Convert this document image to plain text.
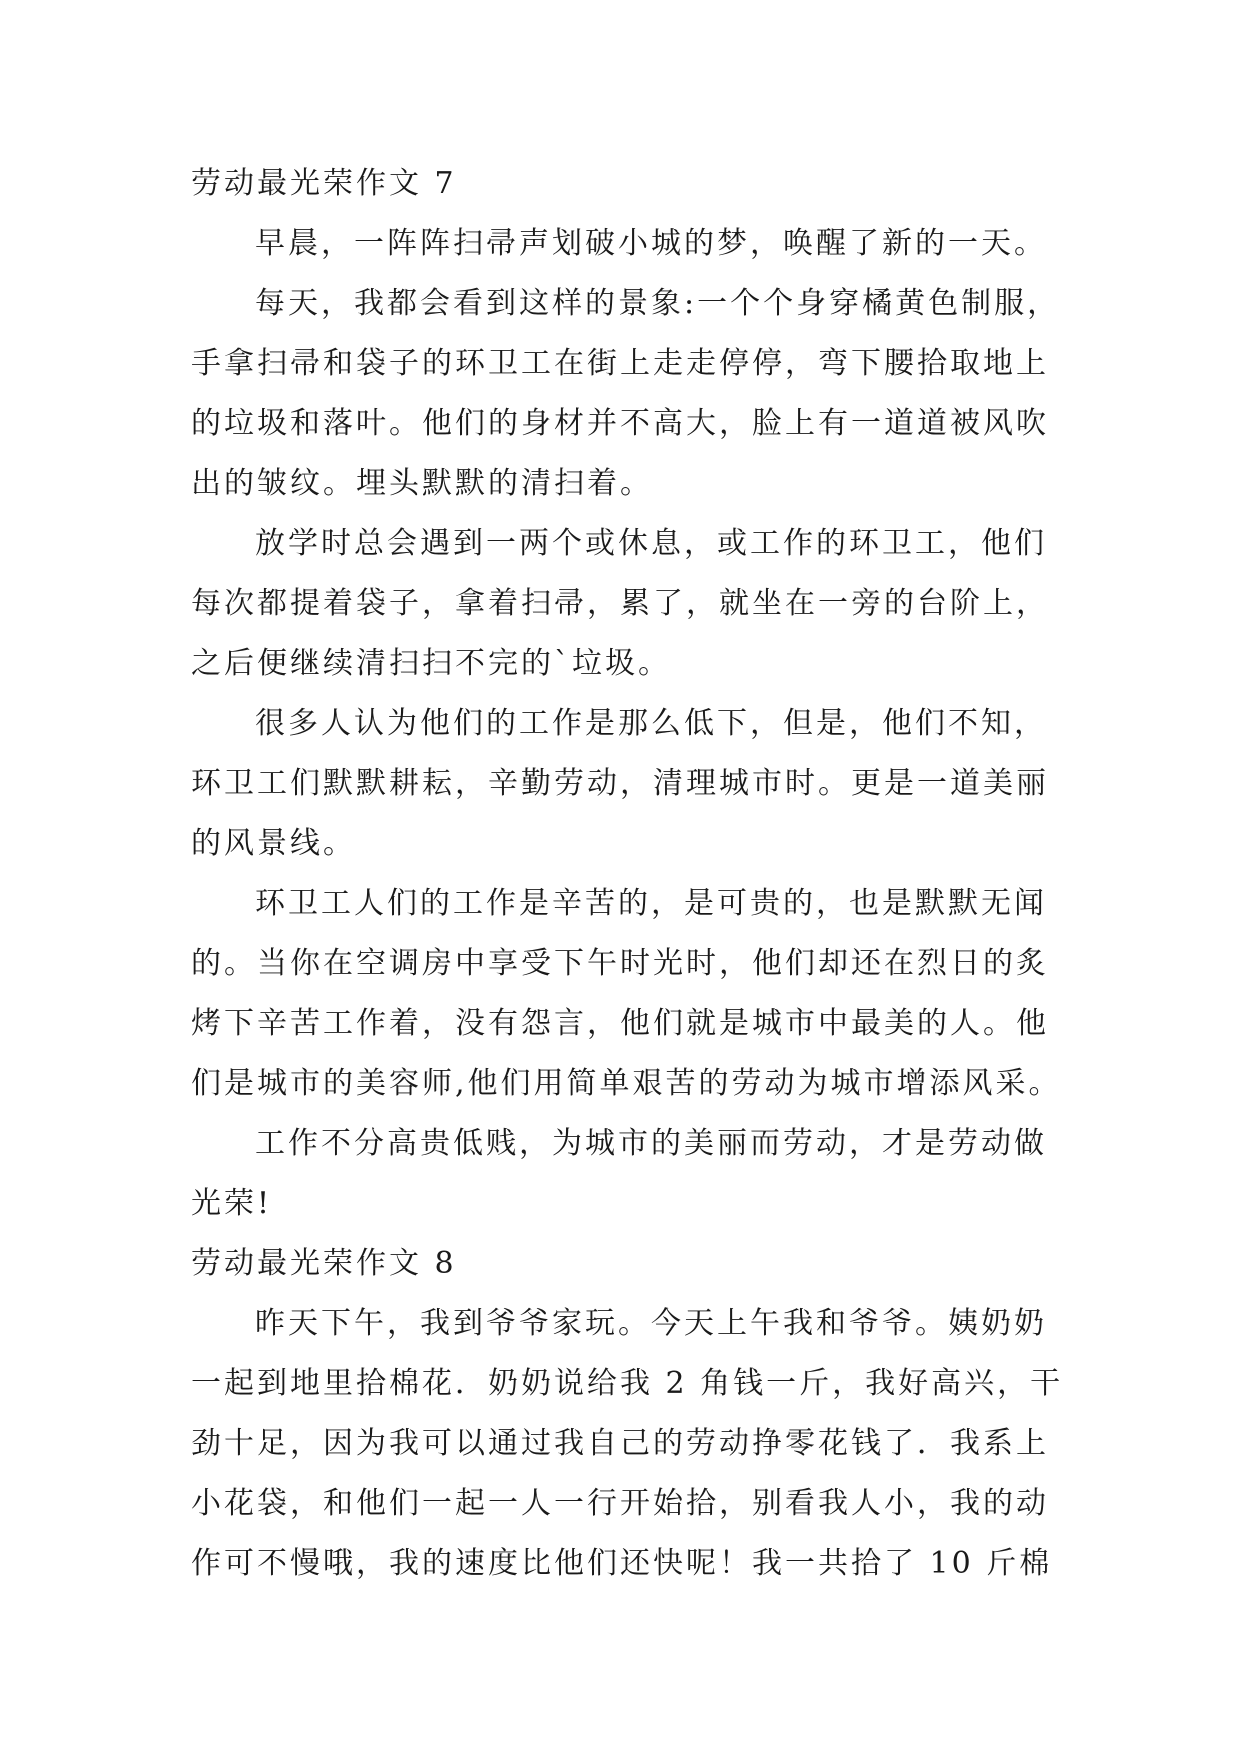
劳动最光荣作文 7
早晨，一阵阵扫帚声划破小城的梦，唤醒了新的一天。
每天，我都会看到这样的景象:一个个身穿橘黄色制服，
手拿扫帚和袋子的环卫工在街上走走停停，弯下腰拾取地上
的垃圾和落叶。他们的身材并不高大，脸上有一道道被风吹
出的皱纹。埋头默默的清扫着。
放学时总会遇到一两个或休息，或工作的环卫工，他们
每次都提着袋子，拿着扫帚，累了，就坐在一旁的台阶上，
之后便继续清扫扫不完的`垃圾。
很多人认为他们的工作是那么低下，但是，他们不知，
环卫工们默默耕耘，辛勤劳动，清理城市时。更是一道美丽
的风景线。
环卫工人们的工作是辛苦的，是可贵的，也是默默无闻
的。当你在空调房中享受下午时光时，他们却还在烈日的炙
烤下辛苦工作着，没有怨言，他们就是城市中最美的人。他
们是城市的美容师,他们用简单艰苦的劳动为城市增添风采。
工作不分高贵低贱，为城市的美丽而劳动，才是劳动做
光荣!
劳动最光荣作文 8
昨天下午，我到爷爷家玩。今天上午我和爷爷。姨奶奶
一起到地里拾棉花．奶奶说给我 2 角钱一斤，我好高兴，干
劲十足，因为我可以通过我自己的劳动挣零花钱了．我系上
小花袋，和他们一起一人一行开始拾，别看我人小，我的动
作可不慢哦，我的速度比他们还快呢！我一共拾了 10 斤棉
